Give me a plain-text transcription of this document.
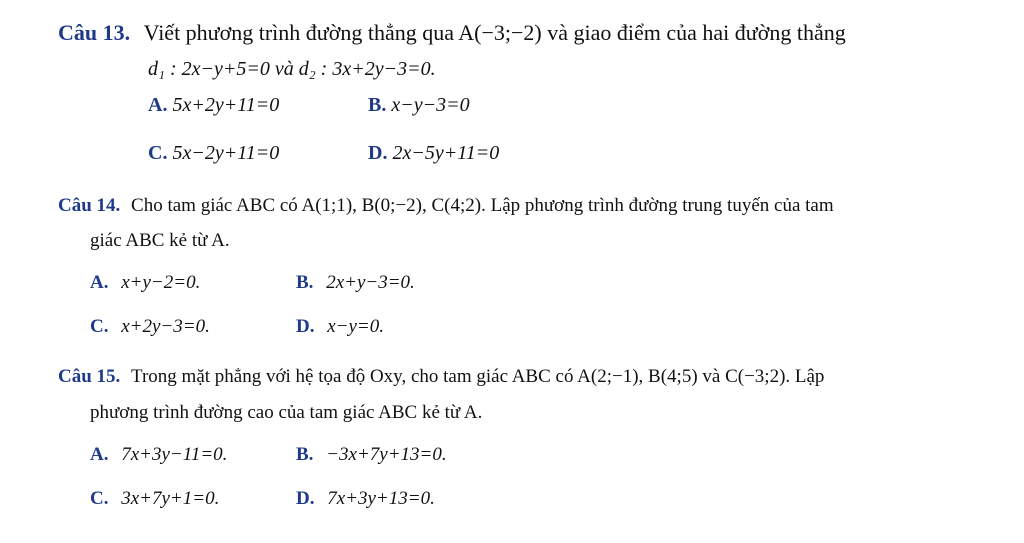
Câu 13. Viết phương trình đường thẳng qua A(−3;−2) và giao điểm của hai đường thẳng
d₁ : 2x−y+5=0 và d₂ : 3x+2y−3=0.
A. 5x+2y+11=0	B. x−y−3=0
C. 5x−2y+11=0	D. 2x−5y+11=0
Câu 14. Cho tam giác ABC có A(1;1), B(0;−2), C(4;2). Lập phương trình đường trung tuyến của tam
giác ABC kẻ từ A.
A. x+y−2=0.	B. 2x+y−3=0.
C. x+2y−3=0.	D. x−y=0.
Câu 15. Trong mặt phẳng với hệ tọa độ Oxy, cho tam giác ABC có A(2;−1), B(4;5) và C(−3;2). Lập
phương trình đường cao của tam giác ABC kẻ từ A.
A. 7x+3y−11=0.	B. −3x+7y+13=0.
C. 3x+7y+1=0.	D. 7x+3y+13=0.
